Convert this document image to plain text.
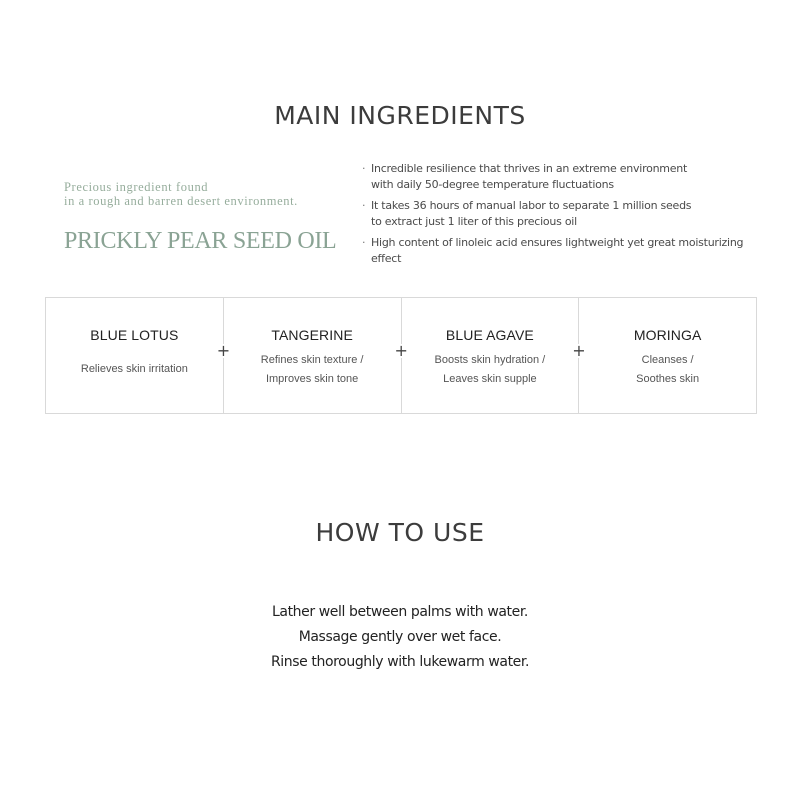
MAIN INGREDIENTS

Precious ingredient found
in a rough and barren desert environment.

PRICKLY PEAR SEED OIL
· Incredible resilience that thrives in an extreme environment
with daily 50-degree temperature fluctuations
· It takes 36 hours of manual labor to separate 1 million seeds
to extract just 1 liter of this precious oil
· High content of linoleic acid ensures lightweight yet great moisturizing effect
BLUE LOTUS
Relieves skin irritation
+
TANGERINE
Refines skin texture /
Improves skin tone
+
BLUE AGAVE
Boosts skin hydration /
Leaves skin supple
+
MORINGA
Cleanses /
Soothes skin
HOW TO USE
Lather well between palms with water.
Massage gently over wet face.
Rinse thoroughly with lukewarm water.
